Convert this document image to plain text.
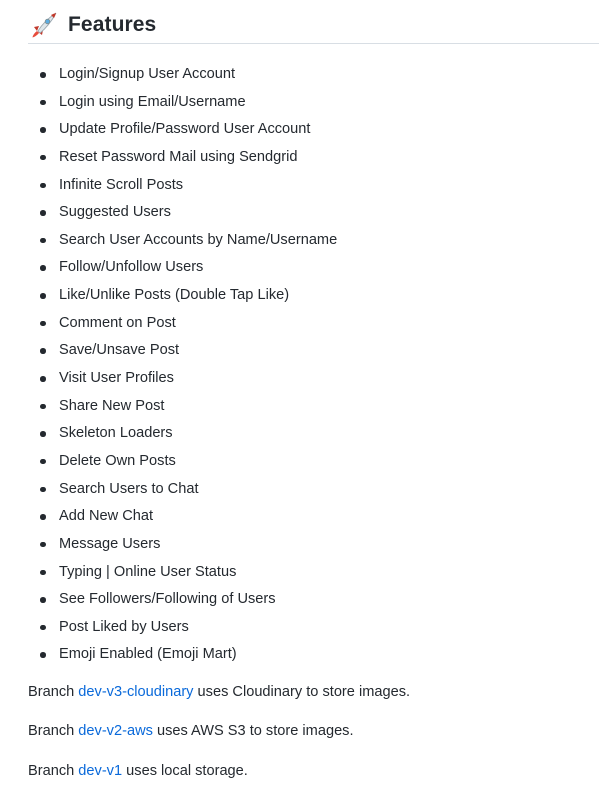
Features
Login/Signup User Account
Login using Email/Username
Update Profile/Password User Account
Reset Password Mail using Sendgrid
Infinite Scroll Posts
Suggested Users
Search User Accounts by Name/Username
Follow/Unfollow Users
Like/Unlike Posts (Double Tap Like)
Comment on Post
Save/Unsave Post
Visit User Profiles
Share New Post
Skeleton Loaders
Delete Own Posts
Search Users to Chat
Add New Chat
Message Users
Typing | Online User Status
See Followers/Following of Users
Post Liked by Users
Emoji Enabled (Emoji Mart)

Branch dev-v3-cloudinary uses Cloudinary to store images.

Branch dev-v2-aws uses AWS S3 to store images.

Branch dev-v1 uses local storage.
